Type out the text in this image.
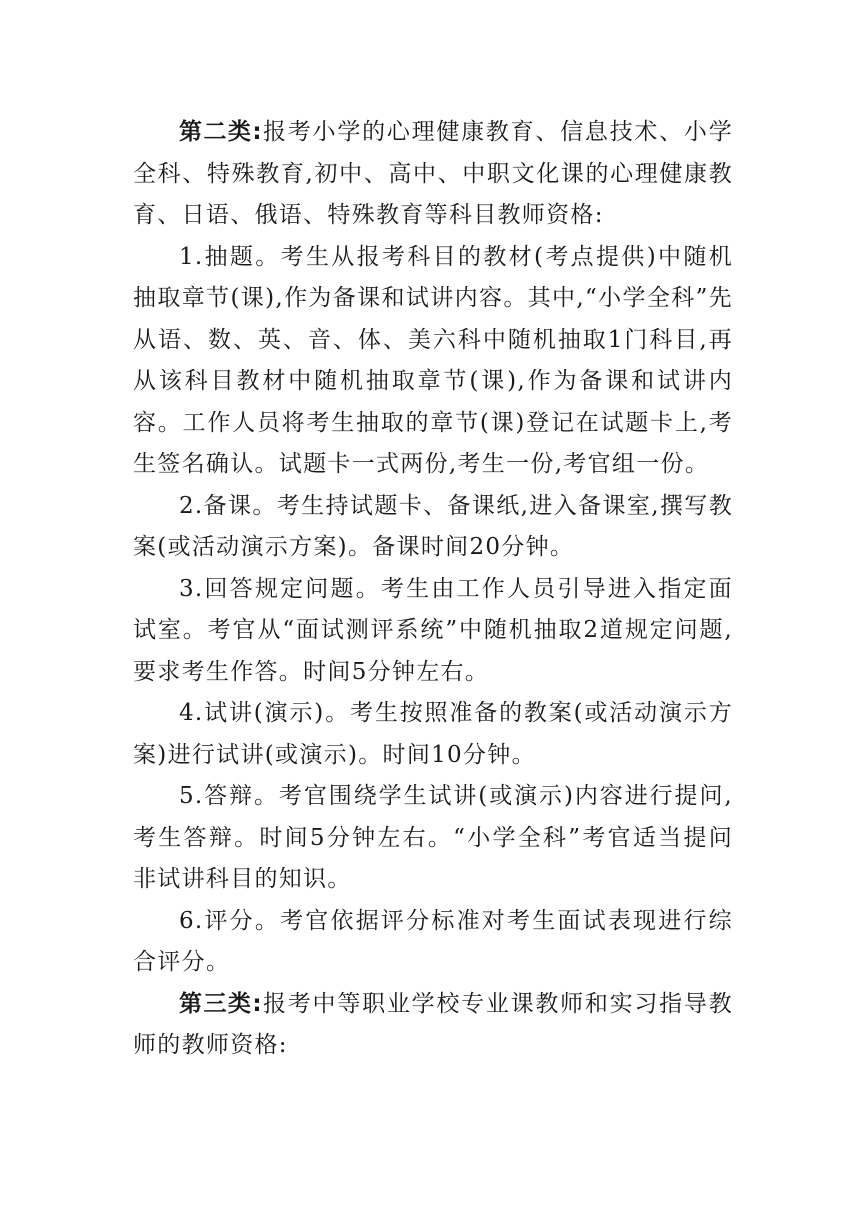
第二类:报考小学的心理健康教育、信息技术、小学全科、特殊教育,初中、高中、中职文化课的心理健康教育、日语、俄语、特殊教育等科目教师资格:

1.抽题。考生从报考科目的教材(考点提供)中随机抽取章节(课),作为备课和试讲内容。其中,“小学全科”先从语、数、英、音、体、美六科中随机抽取1门科目,再从该科目教材中随机抽取章节(课),作为备课和试讲内容。工作人员将考生抽取的章节(课)登记在试题卡上,考生签名确认。试题卡一式两份,考生一份,考官组一份。

2.备课。考生持试题卡、备课纸,进入备课室,撰写教案(或活动演示方案)。备课时间20分钟。

3.回答规定问题。考生由工作人员引导进入指定面试室。考官从“面试测评系统”中随机抽取2道规定问题,要求考生作答。时间5分钟左右。

4.试讲(演示)。考生按照准备的教案(或活动演示方案)进行试讲(或演示)。时间10分钟。

5.答辩。考官围绕学生试讲(或演示)内容进行提问,考生答辩。时间5分钟左右。“小学全科”考官适当提问非试讲科目的知识。

6.评分。考官依据评分标准对考生面试表现进行综合评分。

第三类:报考中等职业学校专业课教师和实习指导教师的教师资格:
